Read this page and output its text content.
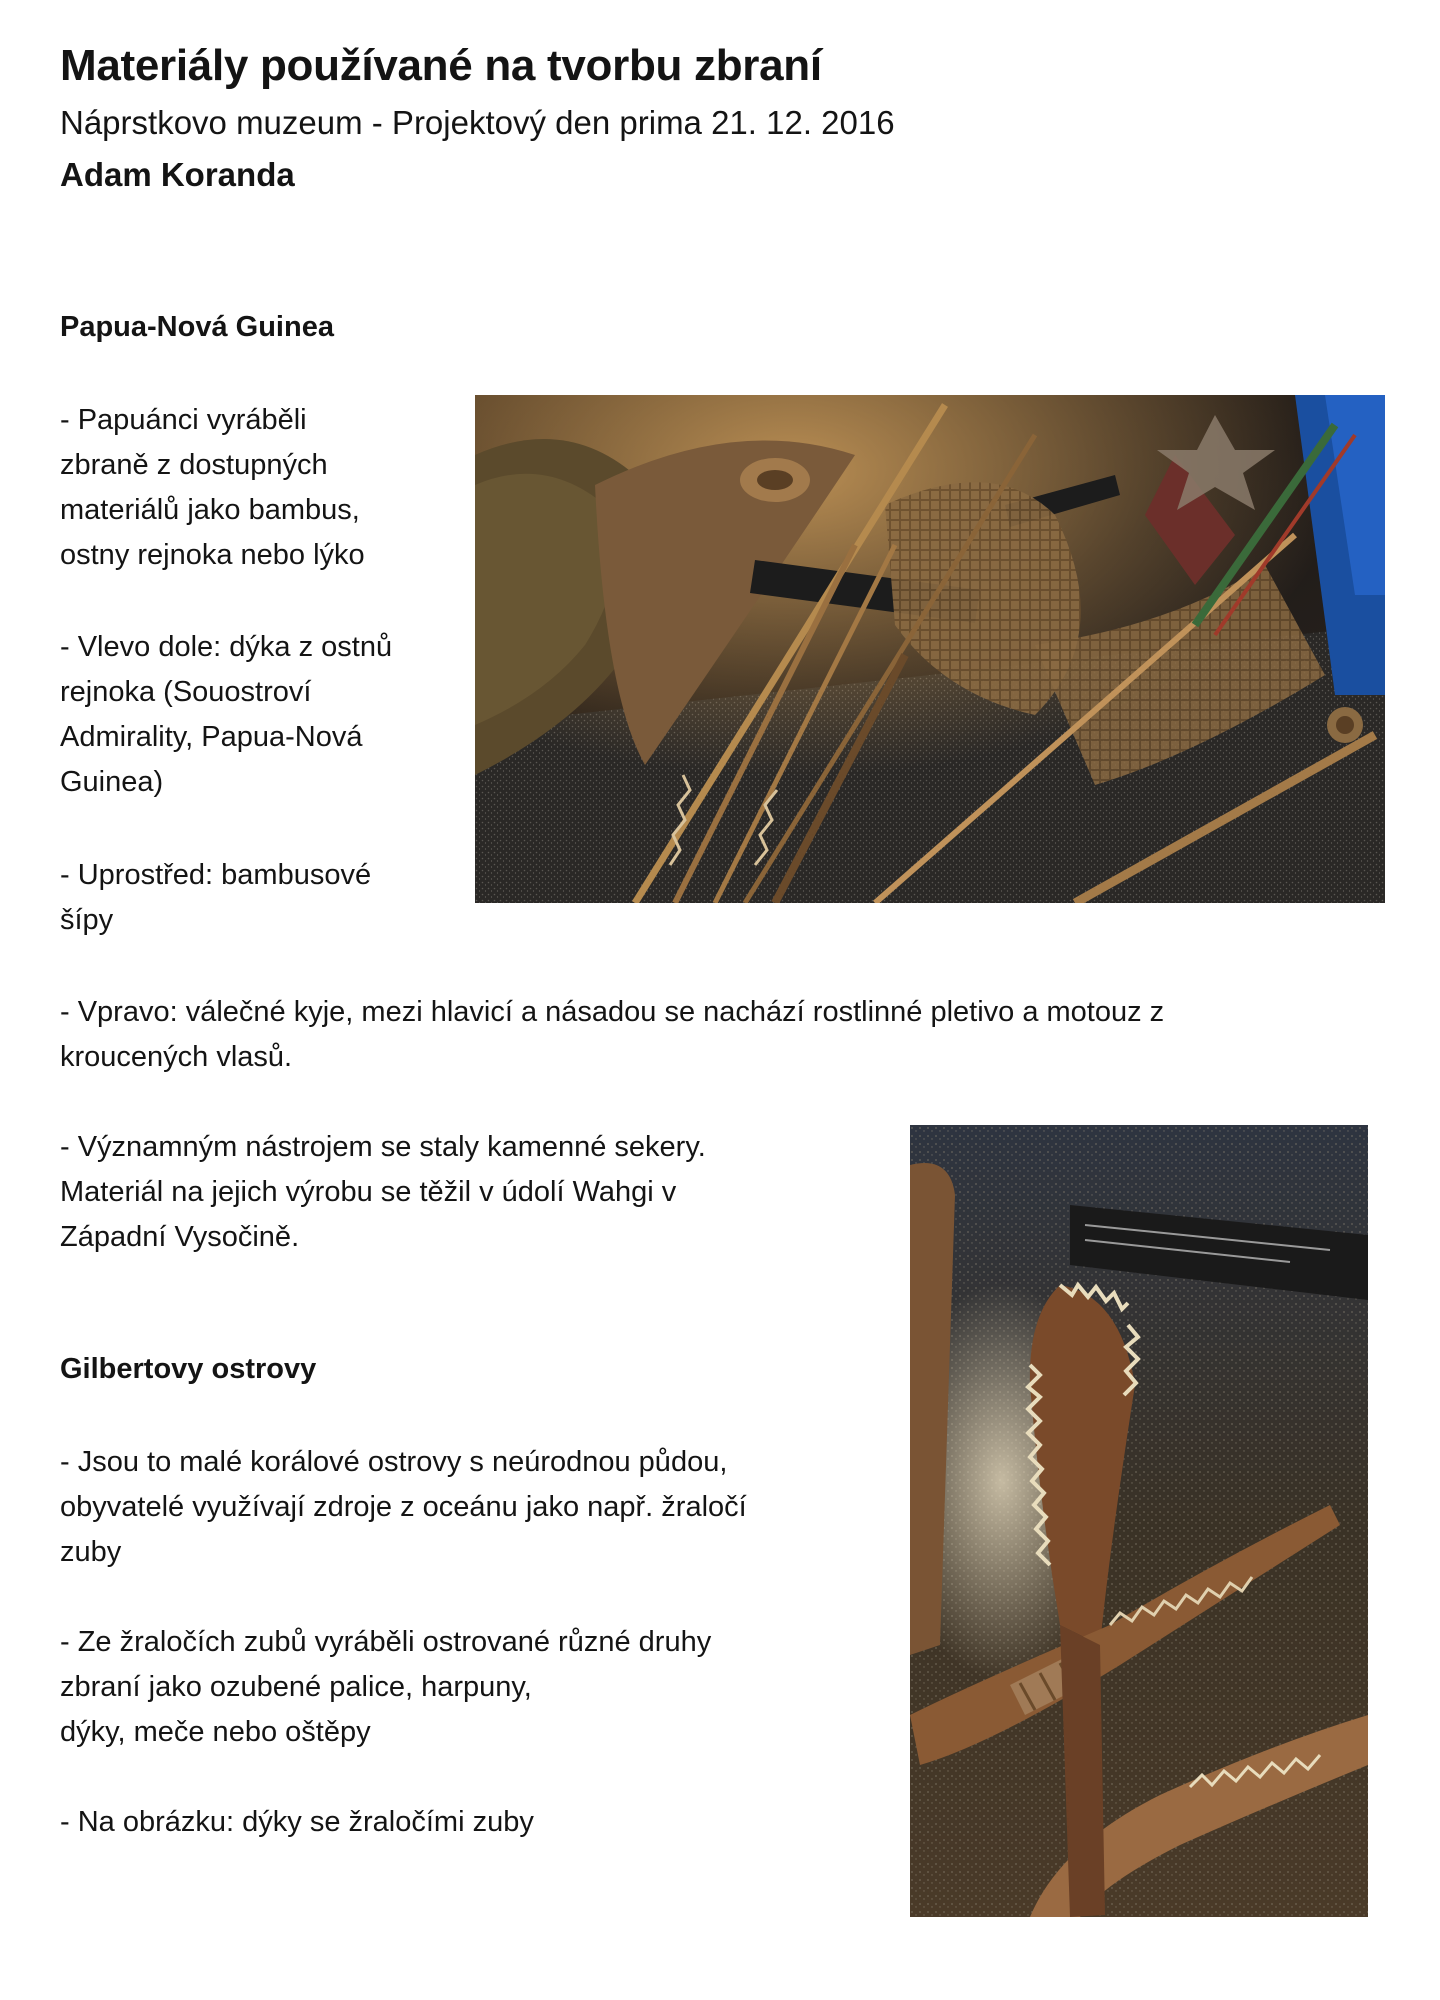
Materiály používané na tvorbu zbraní

Náprstkovo muzeum - Projektový den prima 21. 12. 2016

Adam Koranda

Papua-Nová Guinea

- Papuánci vyráběli
zbraně z dostupných
materiálů jako bambus,
ostny rejnoka nebo lýko

- Vlevo dole: dýka z ostnů
rejnoka (Souostroví
Admirality, Papua-Nová
Guinea)

- Uprostřed: bambusové
šípy

- Vpravo: válečné kyje, mezi hlavicí a násadou se nachází rostlinné pletivo a motouz z
kroucených vlasů.

- Významným nástrojem se staly kamenné sekery.
Materiál na jejich výrobu se těžil v údolí Wahgi v
Západní Vysočině.

Gilbertovy ostrovy

- Jsou to malé korálové ostrovy s neúrodnou půdou,
obyvatelé využívají zdroje z oceánu jako např. žraločí
zuby

- Ze žraločích zubů vyráběli ostrované různé druhy
zbraní jako ozubené palice, harpuny,
dýky, meče nebo oštěpy

- Na obrázku: dýky se žraločími zuby
